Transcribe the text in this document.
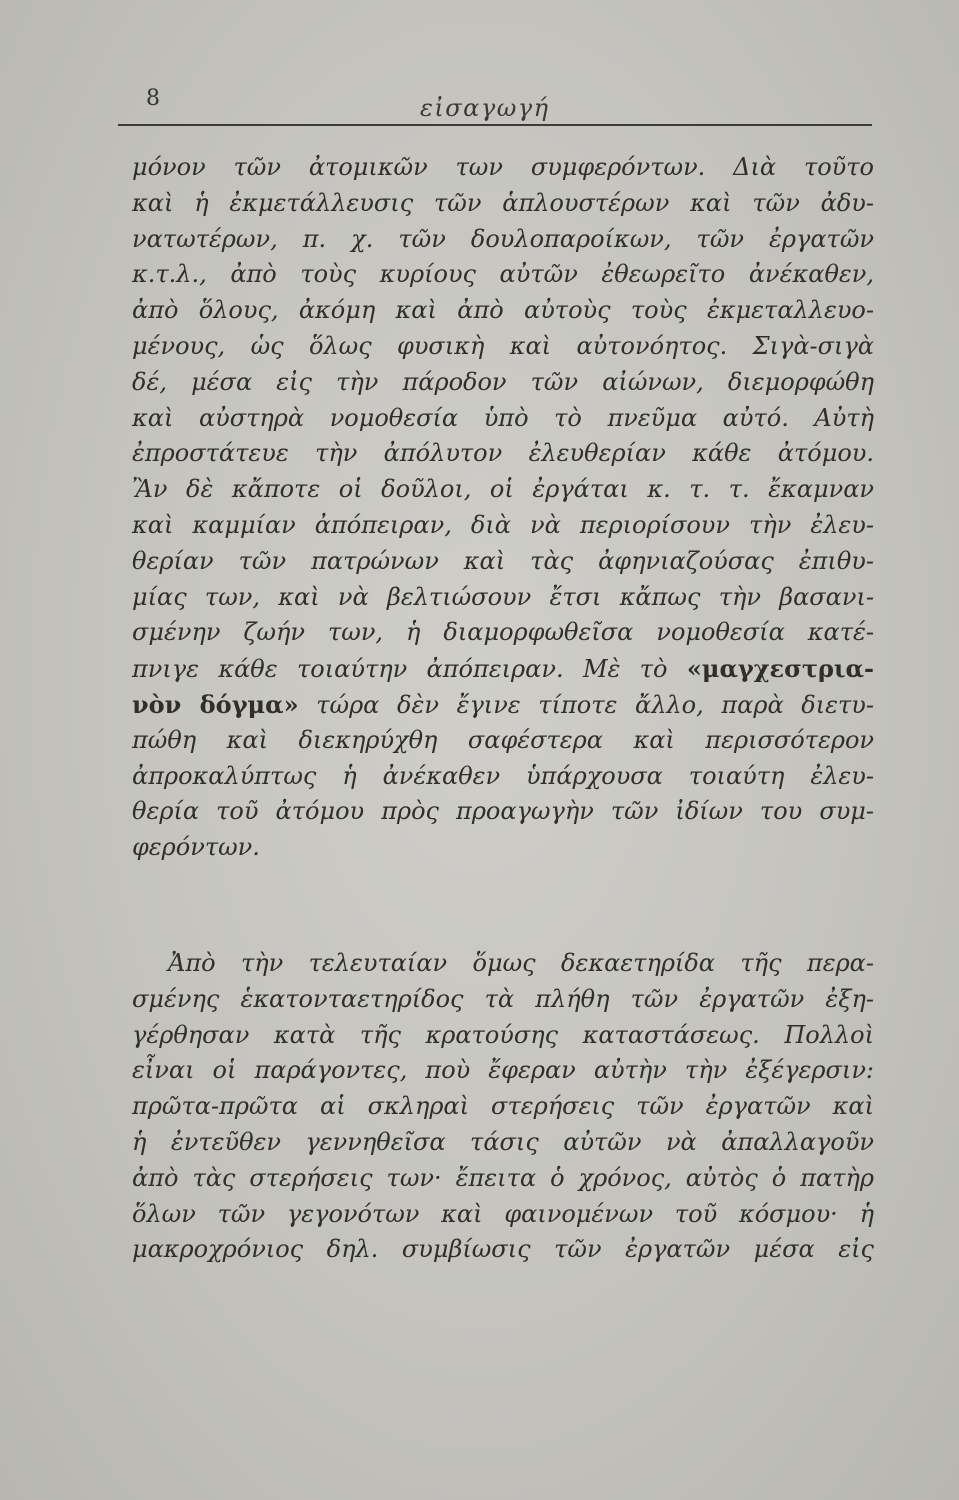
8	εἰσαγωγή
μόνον τῶν ἀτομικῶν των συμφερόντων. Διὰ τοῦτο
καὶ ἡ ἐκμετάλλευσις τῶν ἁπλουστέρων καὶ τῶν ἀδυ-
νατωτέρων, π. χ. τῶν δουλοπαροίκων, τῶν ἐργατῶν
κ.τ.λ., ἀπὸ τοὺς κυρίους αὐτῶν ἐθεωρεῖτο ἀνέκαθεν,
ἀπὸ ὅλους, ἀκόμη καὶ ἀπὸ αὐτοὺς τοὺς ἐκμεταλλευο-
μένους, ὡς ὅλως φυσικὴ καὶ αὐτονόητος. Σιγὰ-σιγὰ
δέ, μέσα εἰς τὴν πάροδον τῶν αἰώνων, διεμορφώθη
καὶ αὐστηρὰ νομοθεσία ὑπὸ τὸ πνεῦμα αὐτό. Αὐτὴ
ἐπροστάτευε τὴν ἀπόλυτον ἐλευθερίαν κάθε ἀτόμου.
Ἂν δὲ κἄποτε οἱ δοῦλοι, οἱ ἐργάται κ. τ. τ. ἔκαμναν
καὶ καμμίαν ἀπόπειραν, διὰ νὰ περιορίσουν τὴν ἐλευ-
θερίαν τῶν πατρώνων καὶ τὰς ἀφηνιαζούσας ἐπιθυ-
μίας των, καὶ νὰ βελτιώσουν ἔτσι κἄπως τὴν βασανι-
σμένην ζωήν των, ἡ διαμορφωθεῖσα νομοθεσία κατέ-
πνιγε κάθε τοιαύτην ἀπόπειραν. Μὲ τὸ «μαγχεστρια-
νὸν δόγμα» τώρα δὲν ἔγινε τίποτε ἄλλο, παρὰ διετυ-
πώθη καὶ διεκηρύχθη σαφέστερα καὶ περισσότερον
ἀπροκαλύπτως ἡ ἀνέκαθεν ὑπάρχουσα τοιαύτη ἐλευ-
θερία τοῦ ἀτόμου πρὸς προαγωγὴν τῶν ἰδίων του συμ-
φερόντων.
Ἀπὸ τὴν τελευταίαν ὅμως δεκαετηρίδα τῆς περα-
σμένης ἑκατονταετηρίδος τὰ πλήθη τῶν ἐργατῶν ἐξη-
γέρθησαν κατὰ τῆς κρατούσης καταστάσεως. Πολλοὶ
εἶναι οἱ παράγοντες, ποὺ ἔφεραν αὐτὴν τὴν ἐξέγερσιν:
πρῶτα-πρῶτα αἱ σκληραὶ στερήσεις τῶν ἐργατῶν καὶ
ἡ ἐντεῦθεν γεννηθεῖσα τάσις αὐτῶν νὰ ἀπαλλαγοῦν
ἀπὸ τὰς στερήσεις των· ἔπειτα ὁ χρόνος, αὐτὸς ὁ πατὴρ
ὅλων τῶν γεγονότων καὶ φαινομένων τοῦ κόσμου· ἡ
μακροχρόνιος δηλ. συμβίωσις τῶν ἐργατῶν μέσα εἰς
